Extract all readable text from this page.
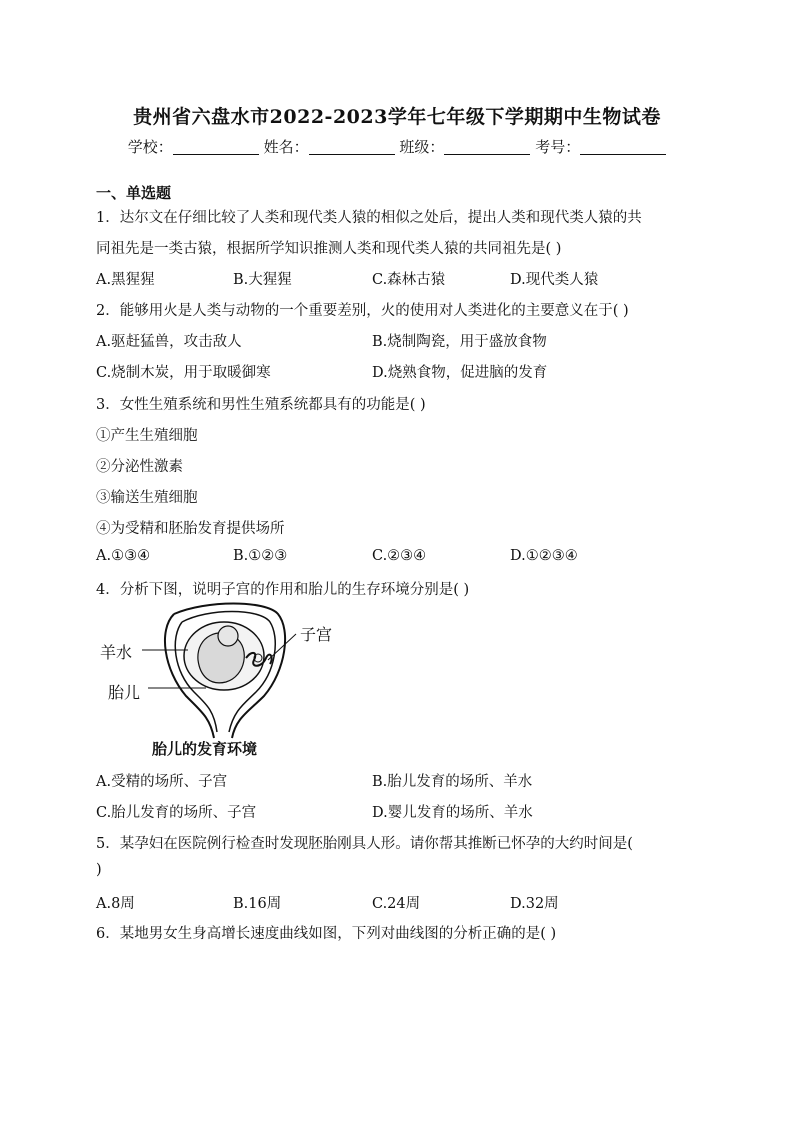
贵州省六盘水市2022-2023学年七年级下学期期中生物试卷
学校：	姓名：	班级：	考号：
一、单选题
1．达尔文在仔细比较了人类和现代类人猿的相似之处后，提出人类和现代类人猿的共
同祖先是一类古猿，根据所学知识推测人类和现代类人猿的共同祖先是( )
A.黑猩猩	B.大猩猩	C.森林古猿	D.现代类人猿
2．能够用火是人类与动物的一个重要差别，火的使用对人类进化的主要意义在于( )
A.驱赶猛兽，攻击敌人	B.烧制陶瓷，用于盛放食物
C.烧制木炭，用于取暖御寒	D.烧熟食物，促进脑的发育
3．女性生殖系统和男性生殖系统都具有的功能是( )
①产生生殖细胞
②分泌性激素
③输送生殖细胞
④为受精和胚胎发育提供场所
A.①③④	B.①②③	C.②③④	D.①②③④
4．分析下图，说明子宫的作用和胎儿的生存环境分别是( )
羊水
胎儿
子宫
胎儿的发育环境
A.受精的场所、子宫	B.胎儿发育的场所、羊水
C.胎儿发育的场所、子宫	D.婴儿发育的场所、羊水
5．某孕妇在医院例行检查时发现胚胎刚具人形。请你帮其推断已怀孕的大约时间是(
)
A.8周	B.16周	C.24周	D.32周
6．某地男女生身高增长速度曲线如图，下列对曲线图的分析正确的是( )
